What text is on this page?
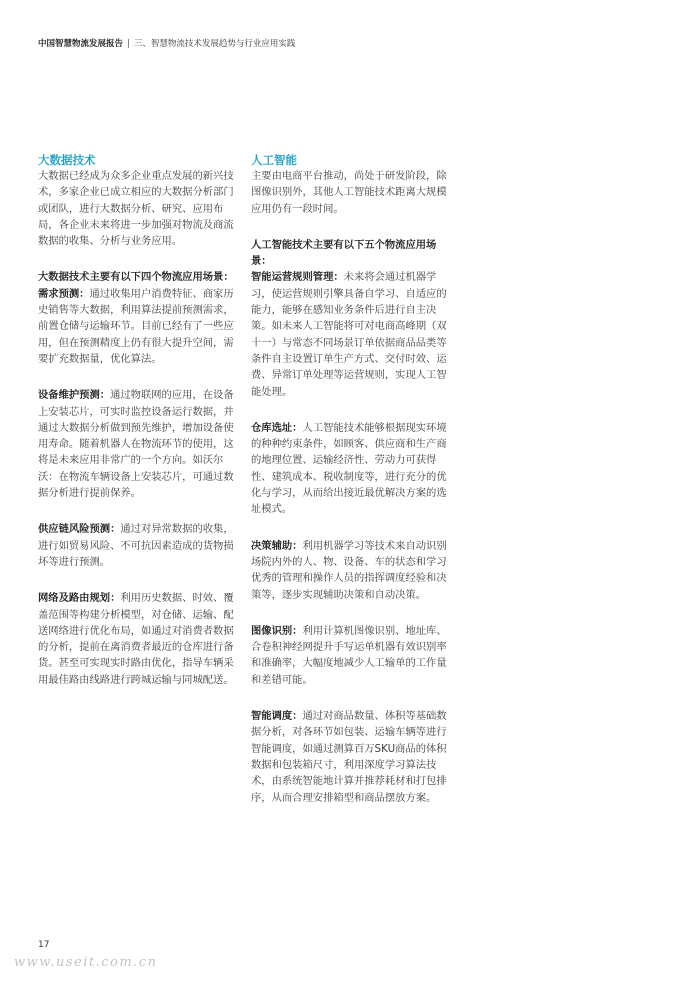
中国智慧物流发展报告 | 三、智慧物流技术发展趋势与行业应用实践
大数据技术

大数据已经成为众多企业重点发展的新兴技术，多家企业已成立相应的大数据分析部门或团队，进行大数据分析、研究、应用布局，各企业未来将进一步加强对物流及商流数据的收集、分析与业务应用。

大数据技术主要有以下四个物流应用场景：

需求预测：通过收集用户消费特征、商家历史销售等大数据，利用算法提前预测需求，前置仓储与运输环节。目前已经有了一些应用，但在预测精度上仍有很大提升空间，需要扩充数据量，优化算法。

设备维护预测：通过物联网的应用，在设备上安装芯片，可实时监控设备运行数据，并通过大数据分析做到预先维护，增加设备使用寿命。随着机器人在物流环节的使用，这将是未来应用非常广的一个方向。如沃尔沃：在物流车辆设备上安装芯片，可通过数据分析进行提前保养。

供应链风险预测：通过对异常数据的收集，进行如贸易风险、不可抗因素造成的货物损坏等进行预测。

网络及路由规划：利用历史数据、时效、覆盖范围等构建分析模型，对仓储、运输、配送网络进行优化布局，如通过对消费者数据的分析，提前在离消费者最近的仓库进行备货。甚至可实现实时路由优化，指导车辆采用最佳路由线路进行跨城运输与同城配送。

人工智能

主要由电商平台推动，尚处于研发阶段，除图像识别外，其他人工智能技术距离大规模应用仍有一段时间。

人工智能技术主要有以下五个物流应用场景：

智能运营规则管理：未来将会通过机器学习，使运营规则引擎具备自学习、自适应的能力，能够在感知业务条件后进行自主决策。如未来人工智能将可对电商高峰期（双十一）与常态不同场景订单依据商品品类等条件自主设置订单生产方式、交付时效、运费、异常订单处理等运营规则，实现人工智能处理。

仓库选址：人工智能技术能够根据现实环境的种种约束条件，如顾客、供应商和生产商的地理位置、运输经济性、劳动力可获得性、建筑成本、税收制度等，进行充分的优化与学习，从而给出接近最优解决方案的选址模式。

决策辅助：利用机器学习等技术来自动识别场院内外的人、物、设备、车的状态和学习优秀的管理和操作人员的指挥调度经验和决策等，逐步实现辅助决策和自动决策。

图像识别：利用计算机图像识别、地址库、合卷积神经网提升手写运单机器有效识别率和准确率，大幅度地减少人工输单的工作量和差错可能。

智能调度：通过对商品数量、体积等基础数据分析，对各环节如包装、运输车辆等进行智能调度，如通过测算百万SKU商品的体积数据和包装箱尺寸，利用深度学习算法技术，由系统智能地计算并推荐耗材和打包排序，从而合理安排箱型和商品摆放方案。

17
www.useit.com.cn
